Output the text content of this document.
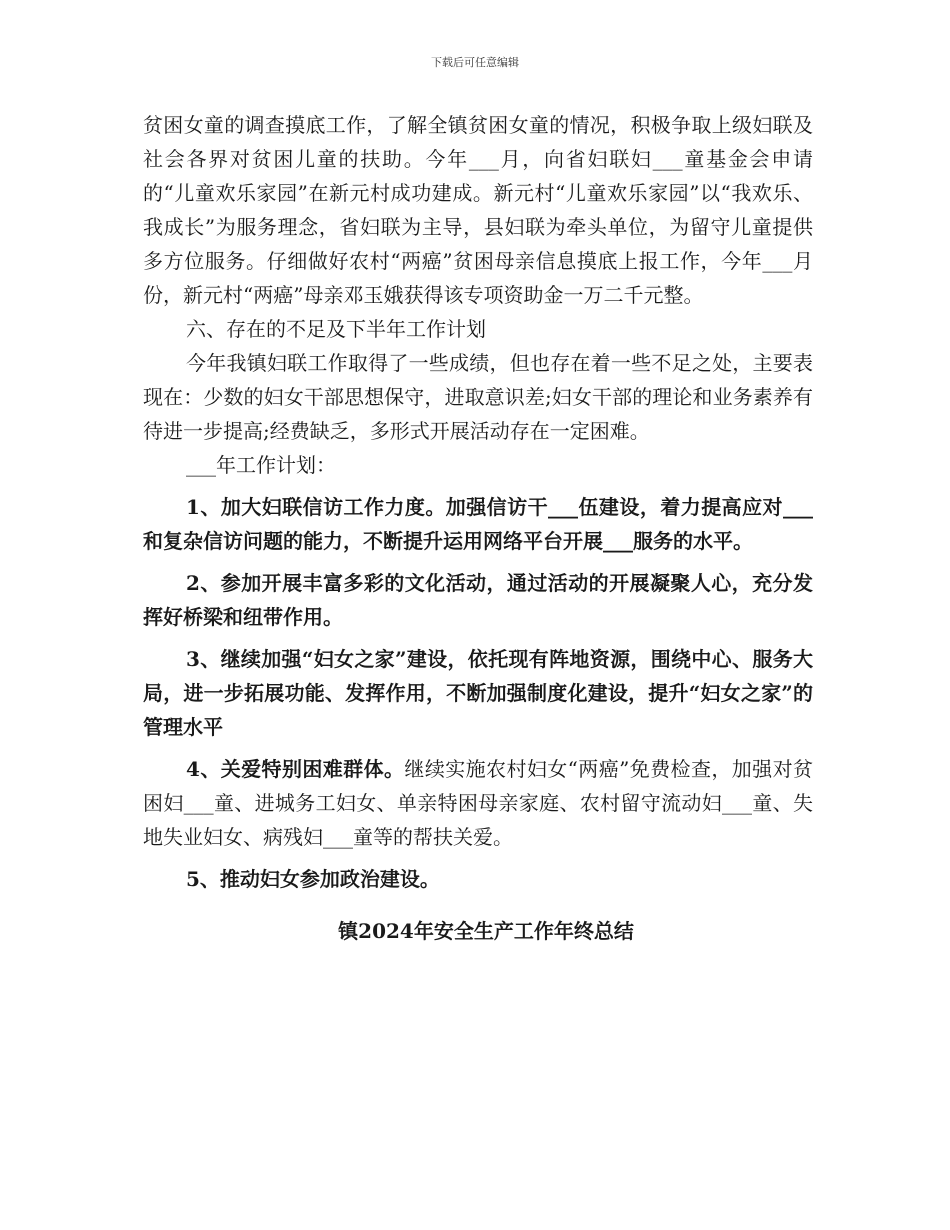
下载后可任意编辑

贫困女童的调查摸底工作，了解全镇贫困女童的情况，积极争取上级妇联及社会各界对贫困儿童的扶助。今年___月，向省妇联妇___童基金会申请的“儿童欢乐家园”在新元村成功建成。新元村“儿童欢乐家园”以“我欢乐、我成长”为服务理念，省妇联为主导，县妇联为牵头单位，为留守儿童提供多方位服务。仔细做好农村“两癌”贫困母亲信息摸底上报工作，今年___月份，新元村“两癌”母亲邓玉娥获得该专项资助金一万二千元整。

六、存在的不足及下半年工作计划

今年我镇妇联工作取得了一些成绩，但也存在着一些不足之处，主要表现在：少数的妇女干部思想保守，进取意识差;妇女干部的理论和业务素养有待进一步提高;经费缺乏，多形式开展活动存在一定困难。

___年工作计划：

1、加大妇联信访工作力度。加强信访干___伍建设，着力提高应对___和复杂信访问题的能力，不断提升运用网络平台开展___服务的水平。

2、参加开展丰富多彩的文化活动，通过活动的开展凝聚人心，充分发挥好桥梁和纽带作用。

3、继续加强“妇女之家”建设，依托现有阵地资源，围绕中心、服务大局，进一步拓展功能、发挥作用，不断加强制度化建设，提升“妇女之家”的管理水平

4、关爱特别困难群体。继续实施农村妇女“两癌”免费检查，加强对贫困妇___童、进城务工妇女、单亲特困母亲家庭、农村留守流动妇___童、失地失业妇女、病残妇___童等的帮扶关爱。

5、推动妇女参加政治建设。

镇2024年安全生产工作年终总结
